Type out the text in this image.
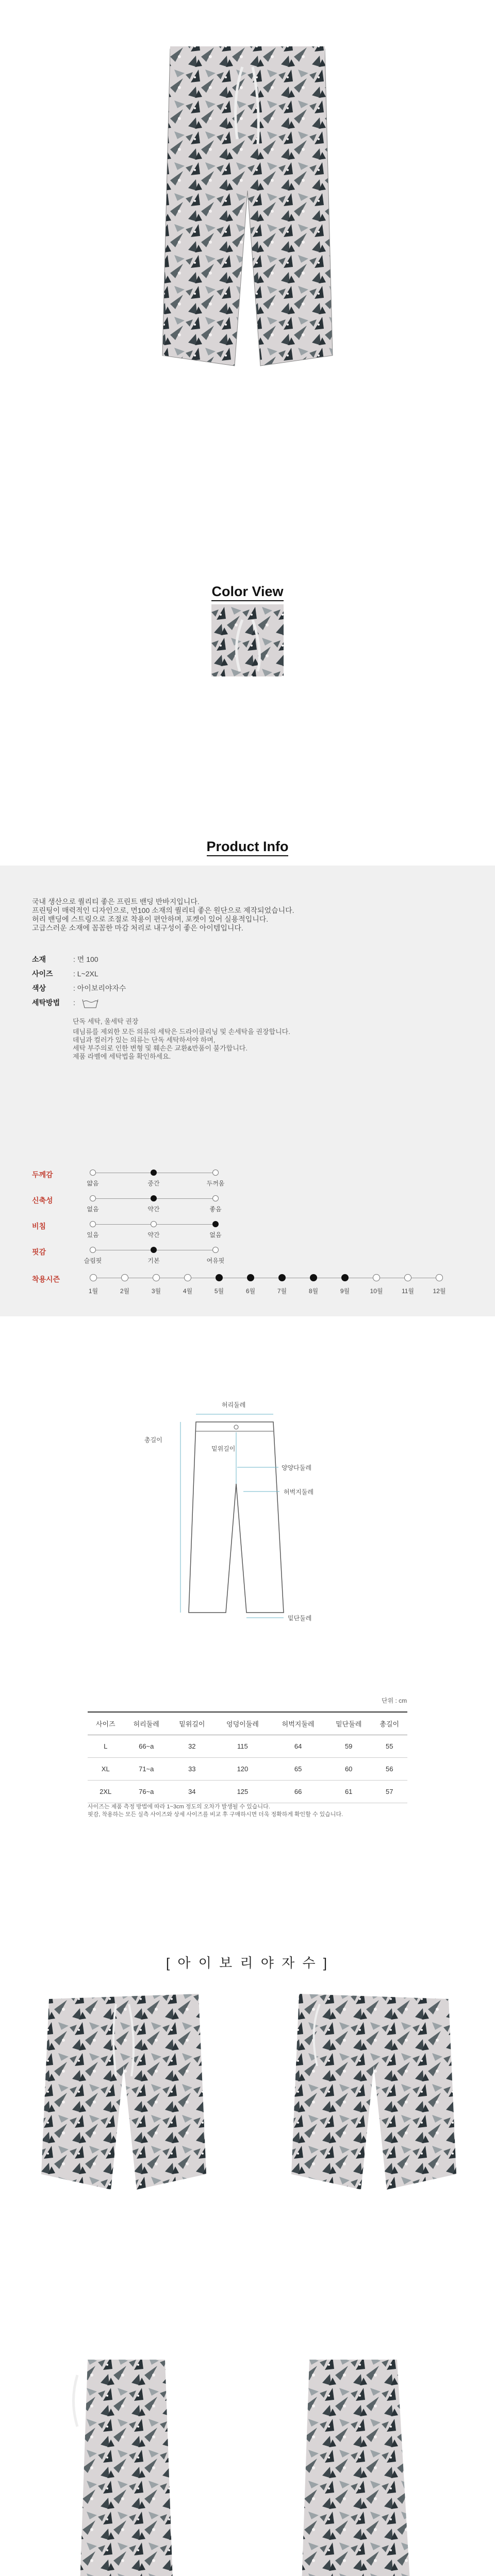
Color View
Product Info
국내 생산으로 퀄리티 좋은 프린트 밴딩 반바지입니다.
프린팅이 매력적인 디자인으로, 면100 소재의 퀄리티 좋은 원단으로 제작되었습니다.
허리 밴딩에 스트링으로 조절로 착용이 편안하며, 포켓이 있어 실용적입니다.
고급스러운 소재에 꼼꼼한 마감 처리로 내구성이 좋은 아이템입니다.
소재	: 면 100
사이즈	: L~2XL
색상	: 아이보리야자수
세탁방법 :
단독 세탁, 울세탁 권장
데님류를 제외한 모든 의류의 세탁은 드라이클리닝 및 손세탁을 권장합니다.
데님과 컬러가 있는 의류는 단독 세탁하셔야 하며,
세탁 부주의로 인한 변형 및 훼손은 교환&반품이 불가합니다.
제품 라벨에 세탁법을 확인하세요.
두께감
얇음	중간	두꺼움
신축성
없음	약간	좋음
비침
있음	약간	없음
핏감
슬림핏	기본	여유핏
착용시즌
1월	2월	3월	4월	5월	6월	7월	8월	9월	10월	11월	12월
허리둘레
총길이
밑위길이
양양다둘레
허벅지둘레
밑단둘레
단위 : cm
사이즈	허리둘레	밑위길이	엉덩이둘레	허벅지둘레	밑단둘레	총길이
L	66~a	32	115	64	59	55
XL	71~a	33	120	65	60	56
2XL	76~a	34	125	66	61	57
사이즈는 제품 측정 방법에 따라 1~3cm 정도의 오차가 발생될 수 있습니다.
핏감, 착용하는 모든 실측 사이즈와 상세 사이즈를 비교 후 구매하시면 더욱 정확하게 확인할 수 있습니다.
[ 아 이 보 리 야 자 수 ]
